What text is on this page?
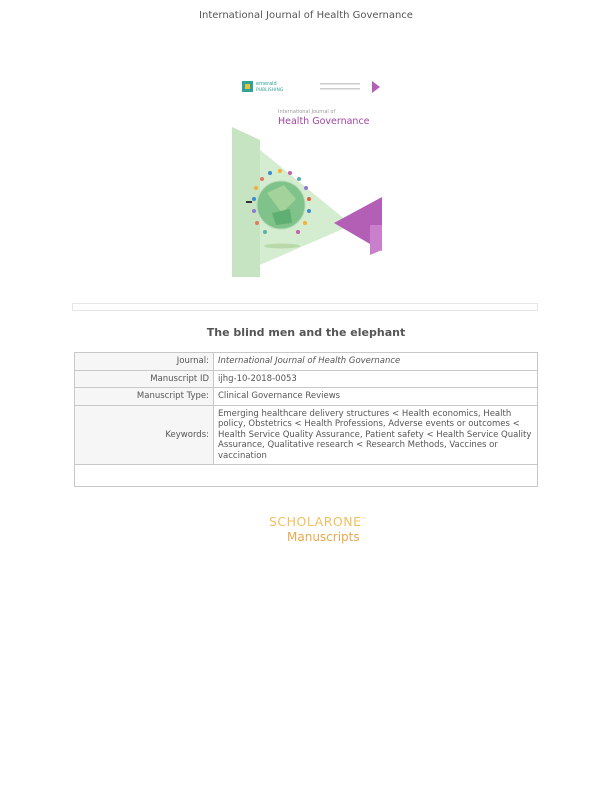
International Journal of Health Governance
emerald
PUBLISHING
International Journal of
Health Governance
The blind men and the elephant
Journal:	International Journal of Health Governance
Manuscript ID	ijhg-10-2018-0053
Manuscript Type:	Clinical Governance Reviews
Keywords:	Emerging healthcare delivery structures < Health economics, Health policy, Obstetrics < Health Professions, Adverse events or outcomes < Health Service Quality Assurance, Patient safety < Health Service Quality Assurance, Qualitative research < Research Methods, Vaccines or vaccination

SCHOLARONE™
Manuscripts
